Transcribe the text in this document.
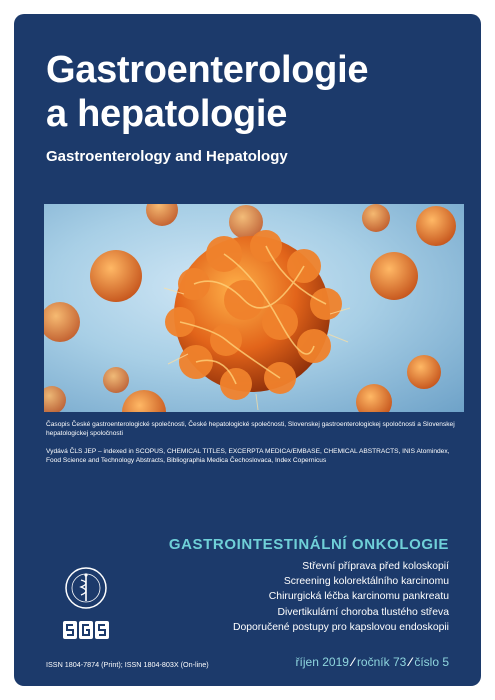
Gastroenterologie
a hepatologie
Gastroenterology and Hepatology
Časopis České gastroenterologické společnosti, České hepatologické společnosti, Slovenskej gastroenterologickej spoločnosti a Slovenskej hepatologickej spoločnosti
Vydává ČLS JEP – indexed in SCOPUS, CHEMICAL TITLES, EXCERPTA MEDICA/EMBASE, CHEMICAL ABSTRACTS, INIS Atomindex, Food Science and Technology Abstracts, Bibliographia Medica Čechoslovaca, Index Copernicus
GASTROINTESTINÁLNÍ ONKOLOGIE
Střevní příprava před koloskopií
Screening kolorektálního karcinomu
Chirurgická léčba karcinomu pankreatu
Divertikulární choroba tlustého střeva
Doporučené postupy pro kapslovou endoskopii
ISSN 1804-7874 (Print); ISSN 1804-803X (On-line)	říjen 2019 ⁄ ročník 73 ⁄ číslo 5
